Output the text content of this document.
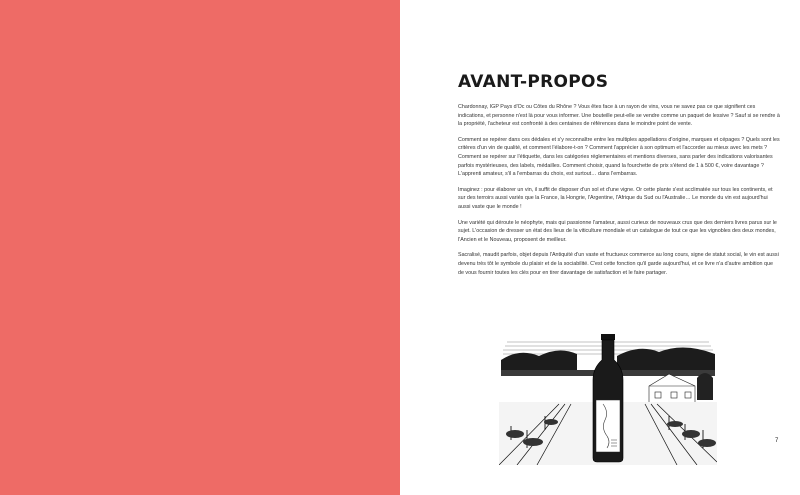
AVANT-PROPOS

Chardonnay, IGP Pays d'Oc ou Côtes du Rhône ? Vous êtes face à un rayon de vins, vous ne savez pas ce que signifient ces indications, et personne n'est là pour vous informer. Une bouteille peut-elle se vendre comme un paquet de lessive ? Sauf si se rendre à la propriété, l'acheteur est confronté à des centaines de références dans le moindre point de vente.

Comment se repérer dans ces dédales et s'y reconnaître entre les multiples appellations d'origine, marques et cépages ? Quels sont les critères d'un vin de qualité, et comment l'élabore-t-on ? Comment l'apprécier à son optimum et l'accorder au mieux avec les mets ? Comment se repérer sur l'étiquette, dans les catégories réglementaires et mentions diverses, sans parler des indications valorisantes parfois mystérieuses, des labels, médailles. Comment choisir, quand la fourchette de prix s'étend de 1 à 500 €, voire davantage ? L'apprenti amateur, s'il a l'embarras du choix, est surtout… dans l'embarras.

Imaginez : pour élaborer un vin, il suffit de disposer d'un sol et d'une vigne. Or cette plante s'est acclimatée sur tous les continents, et sur des terroirs aussi variés que la France, la Hongrie, l'Argentine, l'Afrique du Sud ou l'Australie… Le monde du vin est aujourd'hui aussi vaste que le monde !

Une variété qui déroute le néophyte, mais qui passionne l'amateur, aussi curieux de nouveaux crus que des derniers livres parus sur le sujet. L'occasion de dresser un état des lieux de la viticulture mondiale et un catalogue de tout ce que les vignobles des deux mondes, l'Ancien et le Nouveau, proposent de meilleur.

Sacralisé, maudit parfois, objet depuis l'Antiquité d'un vaste et fructueux commerce au long cours, signe de statut social, le vin est aussi devenu très tôt le symbole du plaisir et de la sociabilité. C'est cette fonction qu'il garde aujourd'hui, et ce livre n'a d'autre ambition que de vous fournir toutes les clés pour en tirer davantage de satisfaction et le faire partager.

7
